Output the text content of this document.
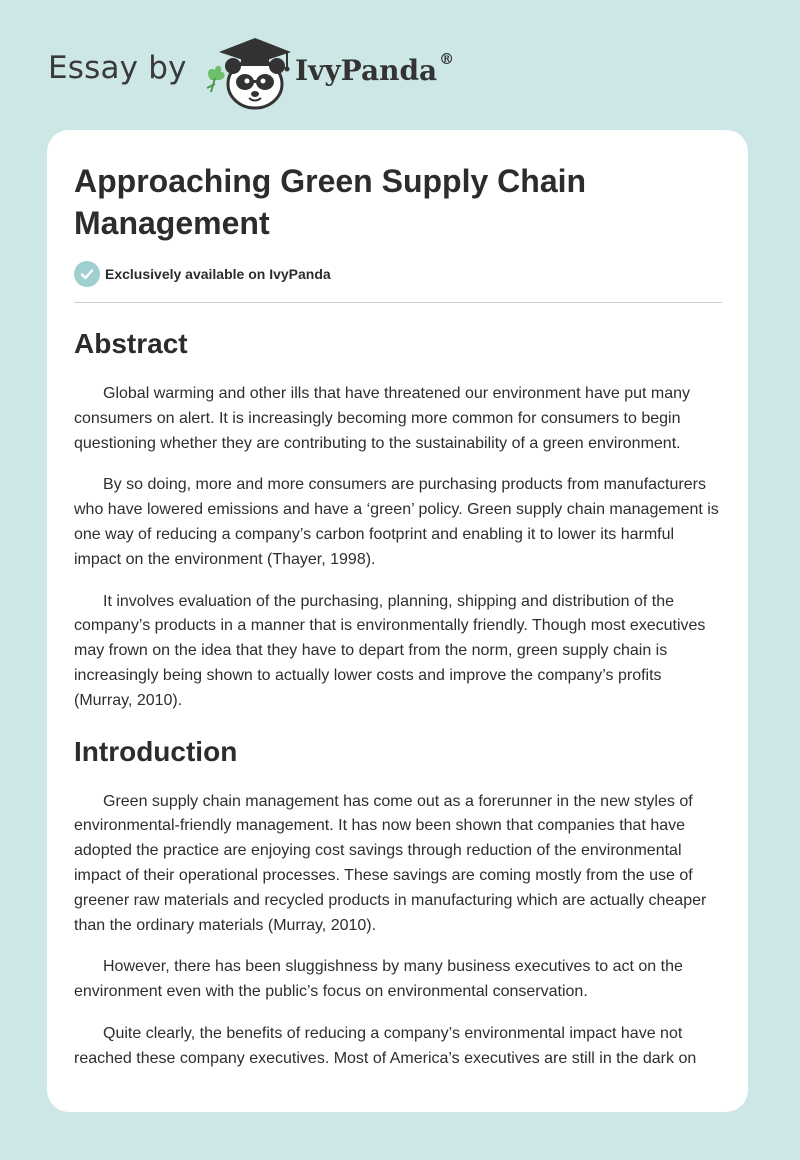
Essay by	IvyPanda ®
Approaching Green Supply Chain Management
Exclusively available on IvyPanda
Abstract

Global warming and other ills that have threatened our environment have put many consumers on alert. It is increasingly becoming more common for consumers to begin questioning whether they are contributing to the sustainability of a green environment.

By so doing, more and more consumers are purchasing products from manufacturers who have lowered emissions and have a ‘green’ policy. Green supply chain management is one way of reducing a company’s carbon footprint and enabling it to lower its harmful impact on the environment (Thayer, 1998).

It involves evaluation of the purchasing, planning, shipping and distribution of the company’s products in a manner that is environmentally friendly. Though most executives may frown on the idea that they have to depart from the norm, green supply chain is increasingly being shown to actually lower costs and improve the company’s profits (Murray, 2010).

Introduction

Green supply chain management has come out as a forerunner in the new styles of environmental-friendly management. It has now been shown that companies that have adopted the practice are enjoying cost savings through reduction of the environmental impact of their operational processes. These savings are coming mostly from the use of greener raw materials and recycled products in manufacturing which are actually cheaper than the ordinary materials (Murray, 2010).

However, there has been sluggishness by many business executives to act on the environment even with the public’s focus on environmental conservation.

Quite clearly, the benefits of reducing a company’s environmental impact have not reached these company executives. Most of America’s executives are still in the dark on
